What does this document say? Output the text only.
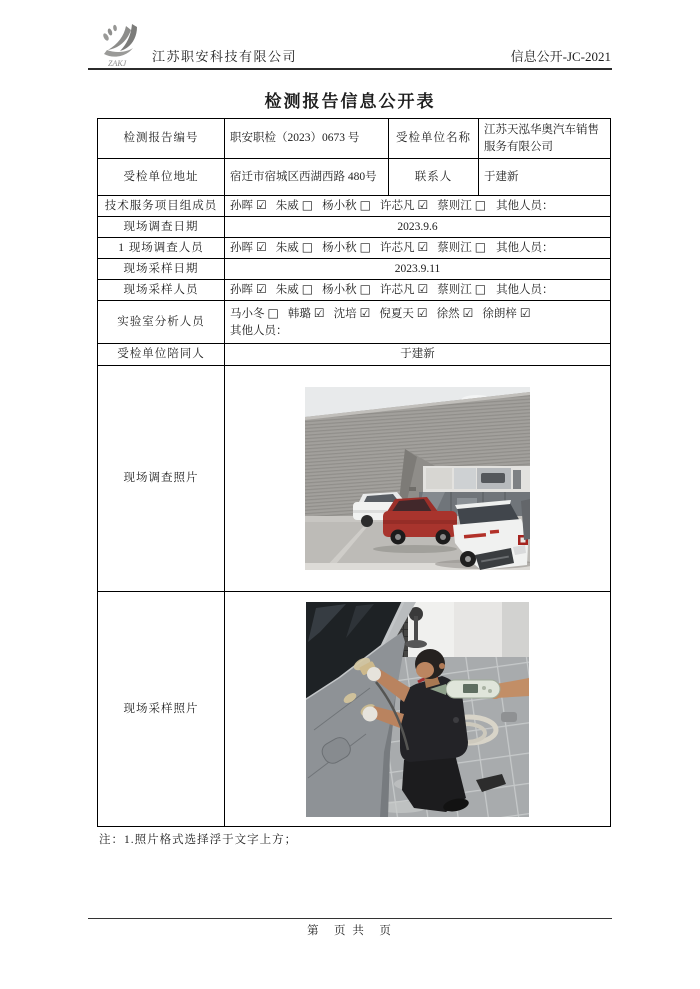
ZAKJ 江苏职安科技有限公司	信息公开-JC-2021
检测报告信息公开表
检测报告编号	职安职检（2023）0673 号	受检单位名称	江苏天泓华奥汽车销售服务有限公司
受检单位地址	宿迁市宿城区西湖西路 480号	联系人	于建新
技术服务项目组成员	孙晖 ☑ 朱威 □ 杨小秋 □ 许芯凡 ☑ 蔡则江 □ 其他人员：		
现场调查日期	2023.9.6		
1 现场调查人员	孙晖 ☑ 朱威 □ 杨小秋 □ 许芯凡 ☑ 蔡则江 □ 其他人员：		
现场采样日期	2023.9.11		
现场采样人员	孙晖 ☑ 朱威 □ 杨小秋 □ 许芯凡 ☑ 蔡则江 □ 其他人员：		
实验室分析人员	马小冬 □ 韩璐 ☑ 沈培 ☑ 倪夏天 ☑ 徐然 ☑ 徐朗梓 ☑
其他人员：		

受检单位陪同人	于建新		
现场调查照片	

现场采样照片	
注：1.照片格式选择浮于文字上方；
第　页 共　页
